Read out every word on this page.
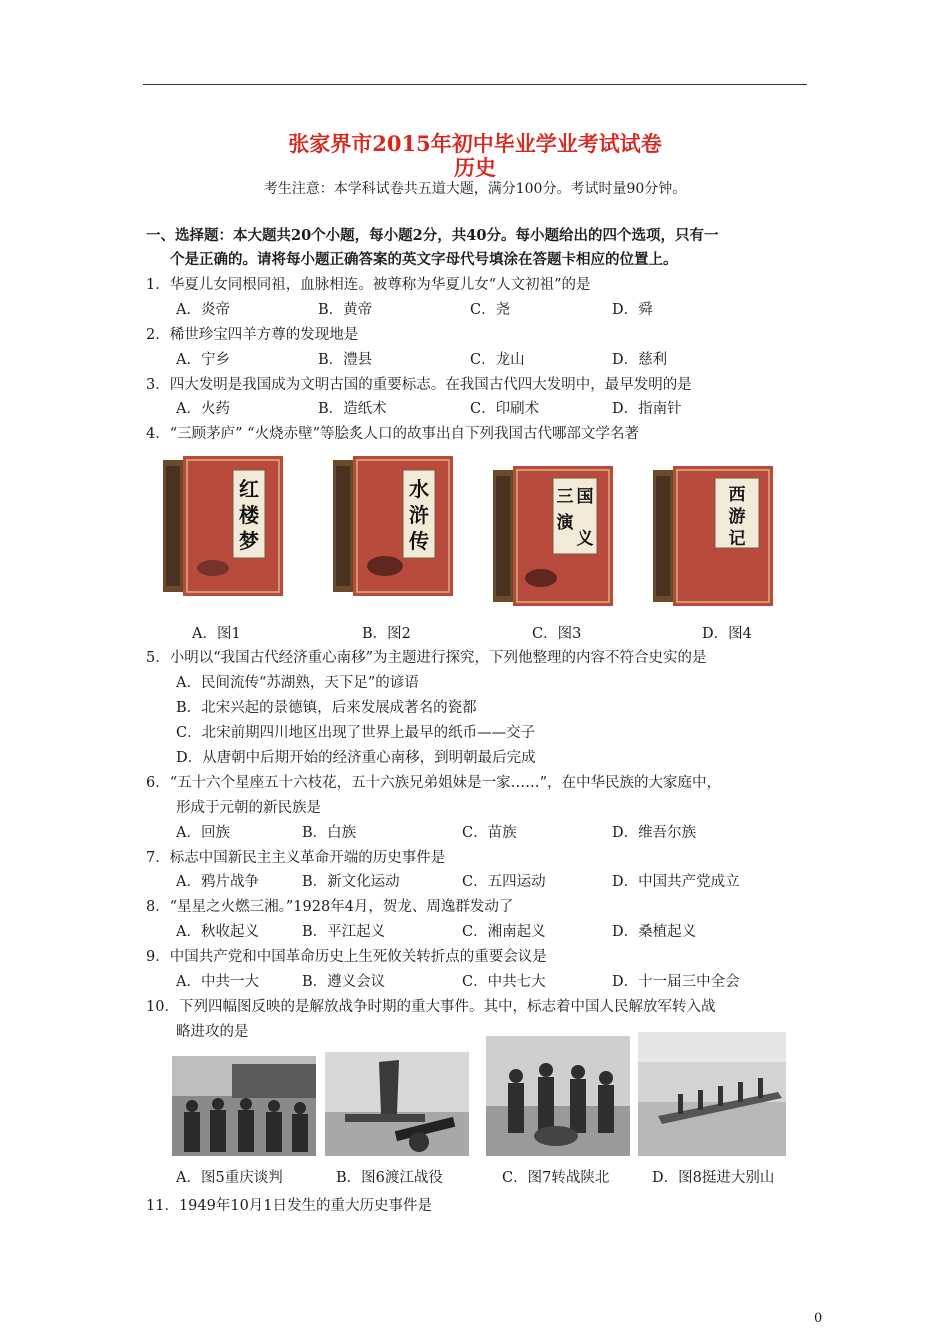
张家界市2015年初中毕业学业考试试卷
历史
考生注意：本学科试卷共五道大题，满分100分。考试时量90分钟。
一、选择题：本大题共20个小题，每小题2分，共40分。每小题给出的四个选项，只有一
个是正确的。请将每小题正确答案的英文字母代号填涂在答题卡相应的位置上。
1．华夏儿女同根同祖，血脉相连。被尊称为华夏儿女“人文初祖”的是
A．炎帝	B．黄帝	C．尧	D．舜
2．稀世珍宝四羊方尊的发现地是
A．宁乡	B．澧县	C．龙山	D．慈利
3．四大发明是我国成为文明古国的重要标志。在我国古代四大发明中，最早发明的是
A．火药	B．造纸术	C．印刷术	D．指南针
4．“三顾茅庐” “火烧赤壁”等脍炙人口的故事出自下列我国古代哪部文学名著
红
楼
梦
水
浒
传
三 国
演
义
西
游
记
A．图1	B．图2	C．图3	D．图4
5．小明以“我国古代经济重心南移”为主题进行探究，下列他整理的内容不符合史实的是
A．民间流传“苏湖熟，天下足”的谚语
B．北宋兴起的景德镇，后来发展成著名的瓷都
C．北宋前期四川地区出现了世界上最早的纸币——交子
D．从唐朝中后期开始的经济重心南移，到明朝最后完成
6．“五十六个星座五十六枝花，五十六族兄弟姐妹是一家……”，在中华民族的大家庭中，
形成于元朝的新民族是
A．回族	B．白族	C．苗族	D．维吾尔族
7．标志中国新民主主义革命开端的历史事件是
A．鸦片战争	B．新文化运动	C．五四运动	D．中国共产党成立
8．“星星之火燃三湘。”1928年4月，贺龙、周逸群发动了
A．秋收起义	B．平江起义	C．湘南起义	D．桑植起义
9．中国共产党和中国革命历史上生死攸关转折点的重要会议是
A．中共一大	B．遵义会议	C．中共七大	D．十一届三中全会
10．下列四幅图反映的是解放战争时期的重大事件。其中，标志着中国人民解放军转入战
略进攻的是
A．图5重庆谈判	B．图6渡江战役	C．图7转战陕北	D．图8挺进大别山
11．1949年10月1日发生的重大历史事件是
0
